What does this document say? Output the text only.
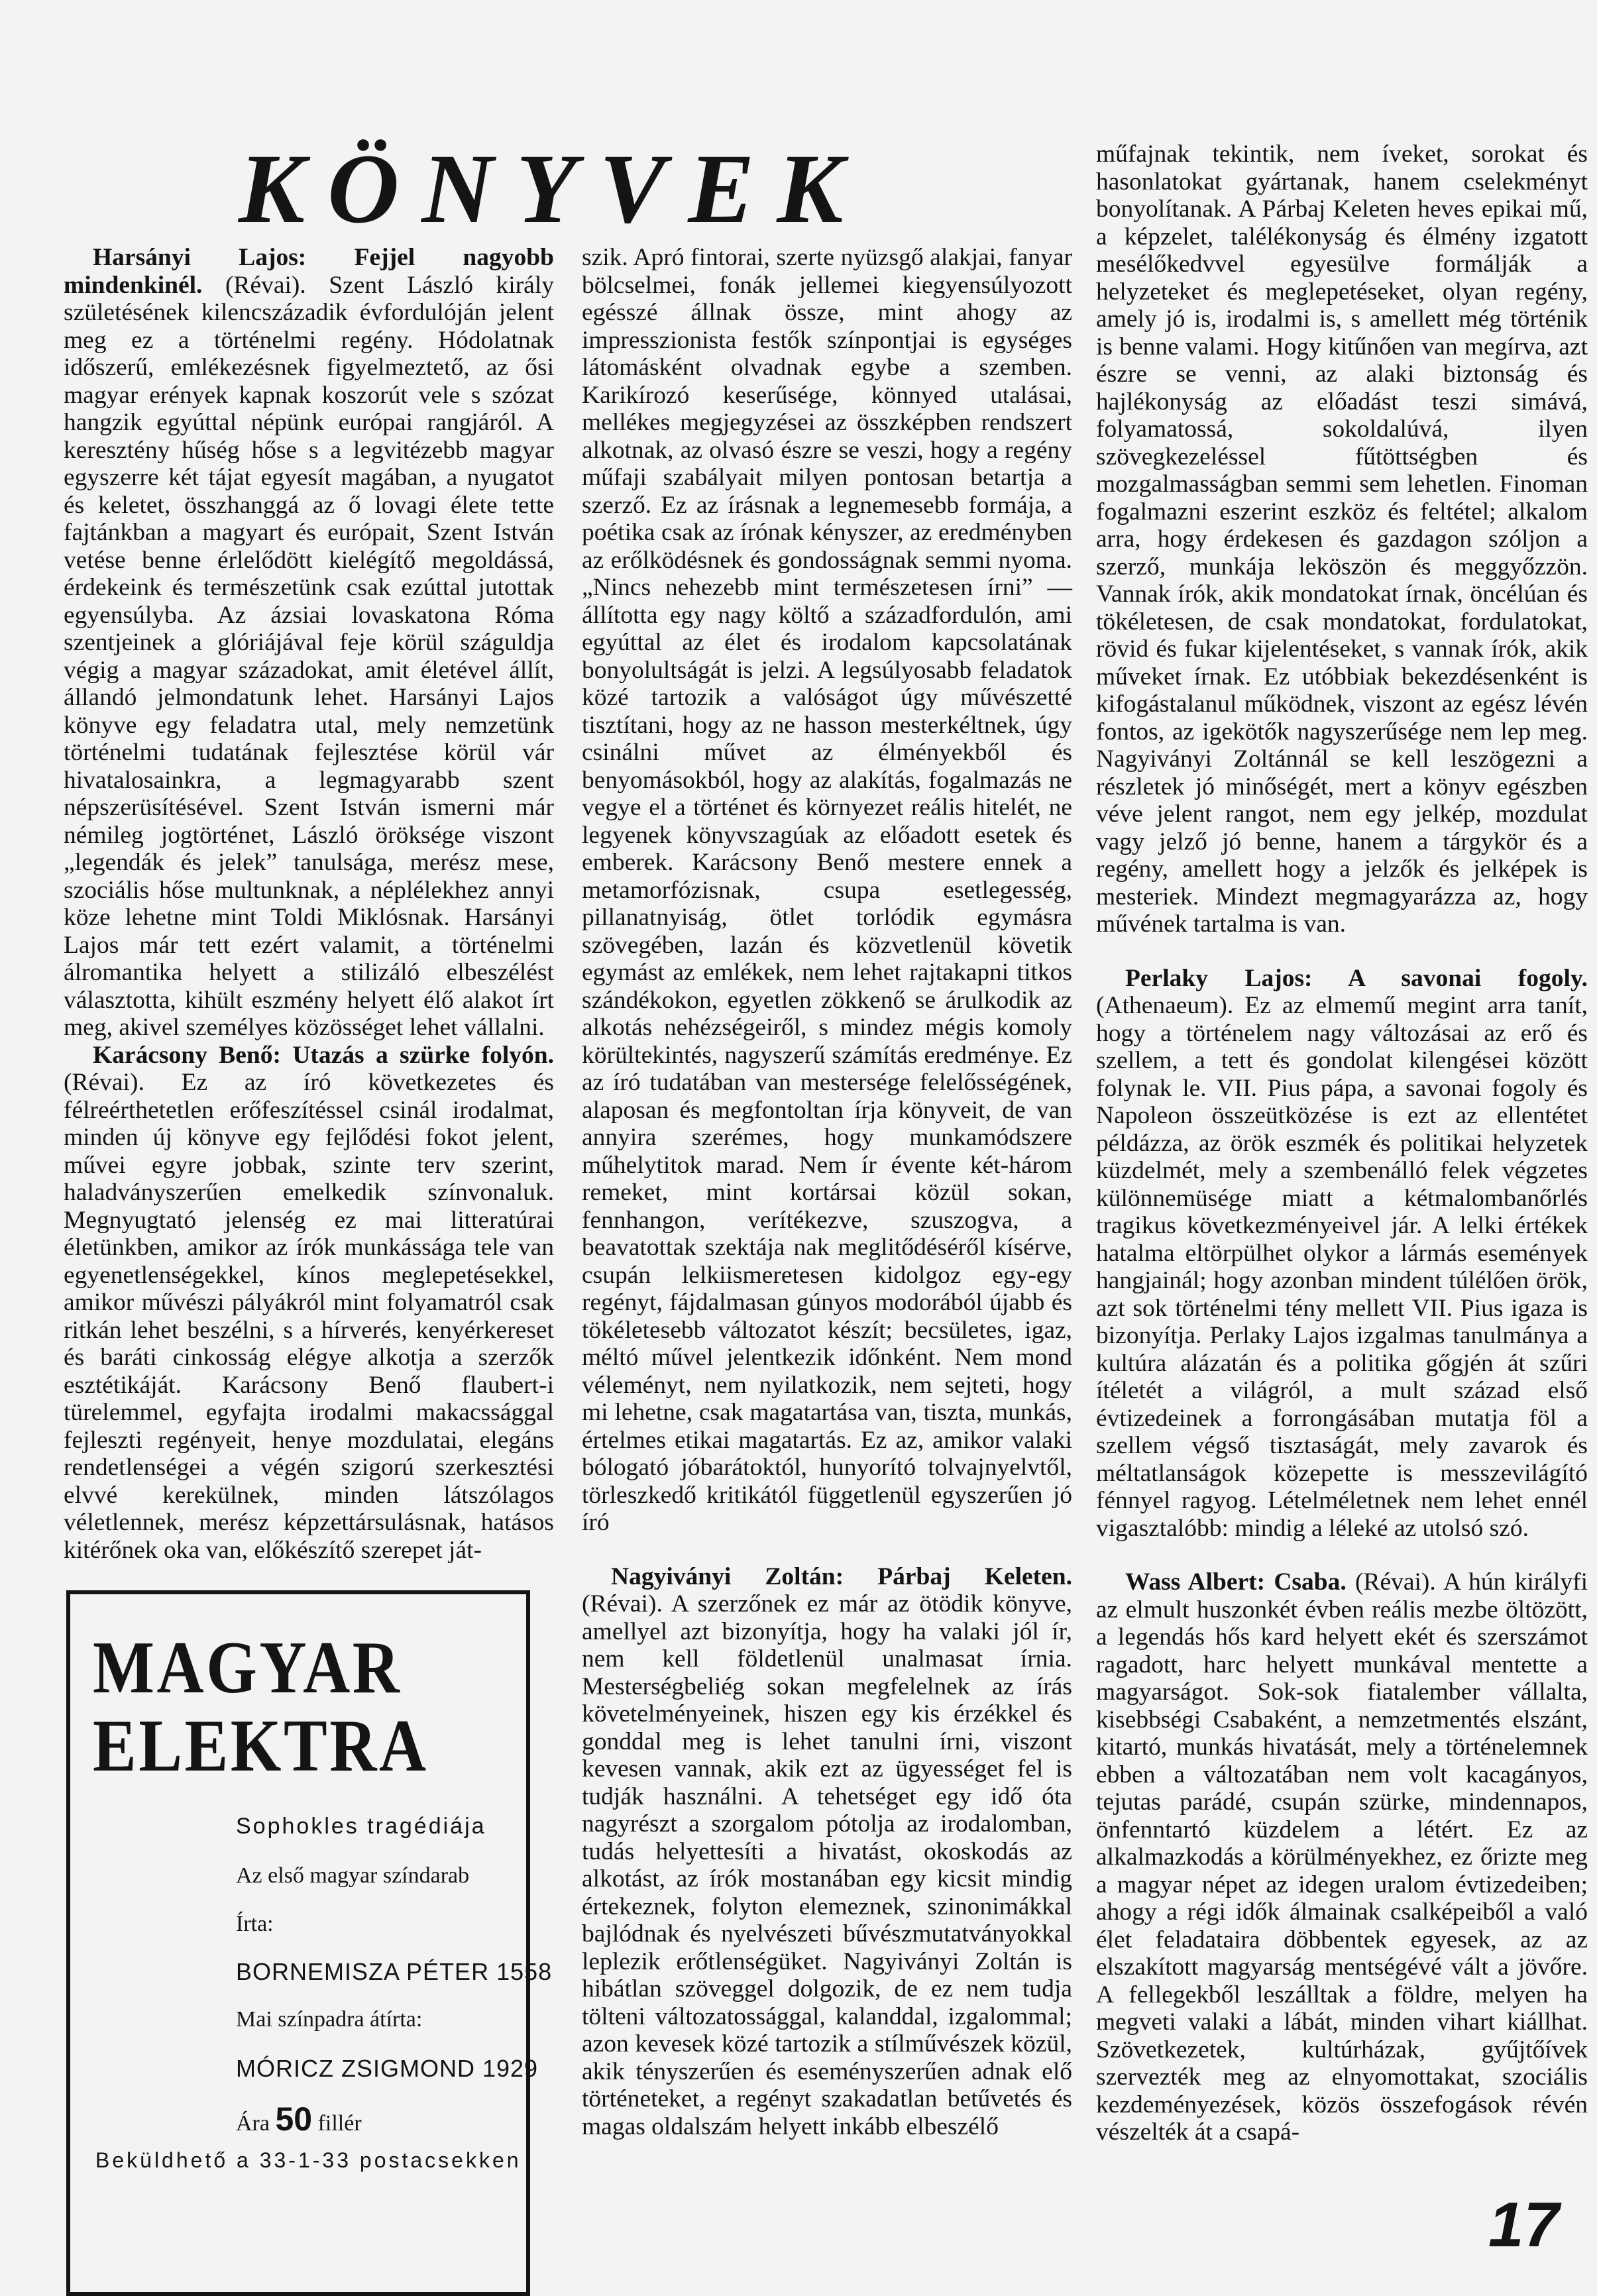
KÖNYVEK

Harsányi Lajos: Fejjel nagyobb mindenkinél. (Révai). Szent László király születésének kilencszázadik évfordulóján jelent meg ez a történelmi regény. Hódolatnak időszerű, emlékezésnek figyelmeztető, az ősi magyar erények kapnak koszorút vele s szózat hangzik egyúttal népünk európai rangjáról. A keresztény hűség hőse s a legvitézebb magyar egyszerre két tájat egyesít magában, a nyugatot és keletet, összhanggá az ő lovagi élete tette fajtánkban a magyart és európait, Szent István vetése benne érlelődött kielégítő megoldássá, érdekeink és természetünk csak ezúttal jutottak egyensúlyba. Az ázsiai lovaskatona Róma szentjeinek a glóriájával feje körül száguldja végig a magyar századokat, amit életével állít, állandó jelmondatunk lehet. Harsányi Lajos könyve egy feladatra utal, mely nemzetünk történelmi tudatának fejlesztése körül vár hivatalosainkra, a legmagyarabb szent népszerüsítésével. Szent István ismerni már némileg jogtörténet, László öröksége viszont „legendák és jelek” tanulsága, merész mese, szociális hőse multunknak, a néplélekhez annyi köze lehetne mint Toldi Miklósnak. Harsányi Lajos már tett ezért valamit, a történelmi álromantika helyett a stilizáló elbeszélést választotta, kihült eszmény helyett élő alakot írt meg, akivel személyes közösséget lehet vállalni.

Karácsony Benő: Utazás a szürke folyón. (Révai). Ez az író következetes és félreérthetetlen erőfeszítéssel csinál irodalmat, minden új könyve egy fejlődési fokot jelent, művei egyre jobbak, szinte terv szerint, haladványszerűen emelkedik színvonaluk. Megnyugtató jelenség ez mai litteratúrai életünkben, amikor az írók munkássága tele van egyenetlenségekkel, kínos meglepetésekkel, amikor művészi pályákról mint folyamatról csak ritkán lehet beszélni, s a hírverés, kenyérkereset és baráti cinkosság elégye alkotja a szerzők esztétikáját. Karácsony Benő flaubert-i türelemmel, egyfajta irodalmi makacssággal fejleszti regényeit, henye mozdulatai, elegáns rendetlenségei a végén szigorú szerkesztési elvvé kerekülnek, minden látszólagos véletlennek, merész képzettársulásnak, hatásos kitérőnek oka van, előkészítő szerepet ját-

szik. Apró fintorai, szerte nyüzsgő alakjai, fanyar bölcselmei, fonák jellemei kiegyensúlyozott egésszé állnak össze, mint ahogy az impresszionista festők színpontjai is egységes látomásként olvadnak egybe a szemben. Karikírozó keserűsége, könnyed utalásai, mellékes megjegyzései az összképben rendszert alkotnak, az olvasó észre se veszi, hogy a regény műfaji szabályait milyen pontosan betartja a szerző. Ez az írásnak a legnemesebb formája, a poétika csak az írónak kényszer, az eredményben az erőlködésnek és gondosságnak semmi nyoma. „Nincs nehezebb mint természetesen írni” — állította egy nagy költő a századfordulón, ami egyúttal az élet és irodalom kapcsolatának bonyolultságát is jelzi. A legsúlyosabb feladatok közé tartozik a valóságot úgy művészetté tisztítani, hogy az ne hasson mesterkéltnek, úgy csinálni művet az élményekből és benyomásokból, hogy az alakítás, fogalmazás ne vegye el a történet és környezet reális hitelét, ne legyenek könyvszagúak az előadott esetek és emberek. Karácsony Benő mestere ennek a metamorfózisnak, csupa esetlegesség, pillanatnyiság, ötlet torlódik egymásra szövegében, lazán és közvetlenül követik egymást az emlékek, nem lehet rajtakapni titkos szándékokon, egyetlen zökkenő se árulkodik az alkotás nehézségeiről, s mindez mégis komoly körültekintés, nagyszerű számítás eredménye. Ez az író tudatában van mestersége felelősségének, alaposan és megfontoltan írja könyveit, de van annyira szerémes, hogy munkamódszere műhelytitok marad. Nem ír évente két-három remeket, mint kortársai közül sokan, fennhangon, verítékezve, szuszogva, a beavatottak szektája nak meglitődéséről kísérve, csupán lelkiismeretesen kidolgoz egy-egy regényt, fájdalmasan gúnyos modorából újabb és tökéletesebb változatot készít; becsületes, igaz, méltó művel jelentkezik időnként. Nem mond véleményt, nem nyilatkozik, nem sejteti, hogy mi lehetne, csak magatartása van, tiszta, munkás, értelmes etikai magatartás. Ez az, amikor valaki bólogató jóbarátoktól, hunyorító tolvajnyelvtől, törleszkedő kritikától függetlenül egyszerűen jó író

Nagyiványi Zoltán: Párbaj Keleten. (Révai). A szerzőnek ez már az ötödik könyve, amellyel azt bizonyítja, hogy ha valaki jól ír, nem kell földetlenül unalmasat írnia. Mesterségbeliég sokan megfelelnek az írás követelményeinek, hiszen egy kis érzékkel és gonddal meg is lehet tanulni írni, viszont kevesen vannak, akik ezt az ügyességet fel is tudják használni. A tehetséget egy idő óta nagyrészt a szorgalom pótolja az irodalomban, tudás helyettesíti a hivatást, okoskodás az alkotást, az írók mostanában egy kicsit mindig értekeznek, folyton elemeznek, szinonimákkal bajlódnak és nyelvészeti bűvészmutatványokkal leplezik erőtlenségüket. Nagyiványi Zoltán is hibátlan szöveggel dolgozik, de ez nem tudja tölteni változatossággal, kalanddal, izgalommal; azon kevesek közé tartozik a stílművészek közül, akik tényszerűen és eseményszerűen adnak elő történeteket, a regényt szakadatlan betűvetés és magas oldalszám helyett inkább elbeszélő

műfajnak tekintik, nem íveket, sorokat és hasonlatokat gyártanak, hanem cselekményt bonyolítanak. A Párbaj Keleten heves epikai mű, a képzelet, talélékonyság és élmény izgatott mesélőkedvvel egyesülve formálják a helyzeteket és meglepetéseket, olyan regény, amely jó is, irodalmi is, s amellett még történik is benne valami. Hogy kitűnően van megírva, azt észre se venni, az alaki biztonság és hajlékonyság az előadást teszi simává, folyamatossá, sokoldalúvá, ilyen szövegkezeléssel fűtöttségben és mozgalmasságban semmi sem lehetlen. Finoman fogalmazni eszerint eszköz és feltétel; alkalom arra, hogy érdekesen és gazdagon szóljon a szerző, munkája leköszön és meggyőzzön. Vannak írók, akik mondatokat írnak, öncélúan és tökéletesen, de csak mondatokat, fordulatokat, rövid és fukar kijelentéseket, s vannak írók, akik műveket írnak. Ez utóbbiak bekezdésenként is kifogástalanul működnek, viszont az egész lévén fontos, az igekötők nagyszerűsége nem lep meg. Nagyiványi Zoltánnál se kell leszögezni a részletek jó minőségét, mert a könyv egészben véve jelent rangot, nem egy jelkép, mozdulat vagy jelző jó benne, hanem a tárgykör és a regény, amellett hogy a jelzők és jelképek is mesteriek. Mindezt megmagyarázza az, hogy művének tartalma is van.

Perlaky Lajos: A savonai fogoly. (Athenaeum). Ez az elmemű megint arra tanít, hogy a történelem nagy változásai az erő és szellem, a tett és gondolat kilengései között folynak le. VII. Pius pápa, a savonai fogoly és Napoleon összeütközése is ezt az ellentétet példázza, az örök eszmék és politikai helyzetek küzdelmét, mely a szembenálló felek végzetes különnemüsége miatt a kétmalombanőrlés tragikus következményeivel jár. A lelki értékek hatalma eltörpülhet olykor a lármás események hangjainál; hogy azonban mindent túlélően örök, azt sok történelmi tény mellett VII. Pius igaza is bizonyítja. Perlaky Lajos izgalmas tanulmánya a kultúra alázatán és a politika gőgjén át szűri ítéletét a világról, a mult század első évtizedeinek a forrongásában mutatja föl a szellem végső tisztaságát, mely zavarok és méltatlanságok közepette is messzevilágító fénnyel ragyog. Lételméletnek nem lehet ennél vigasztalóbb: mindig a léleké az utolsó szó.

Wass Albert: Csaba. (Révai). A hún királyfi az elmult huszonkét évben reális mezbe öltözött, a legendás hős kard helyett ekét és szerszámot ragadott, harc helyett munkával mentette a magyarságot. Sok-sok fiatalember vállalta, kisebbségi Csabaként, a nemzetmentés elszánt, kitartó, munkás hivatását, mely a történelemnek ebben a változatában nem volt kacagányos, tejutas parádé, csupán szürke, mindennapos, önfenntartó küzdelem a létért. Ez az alkalmazkodás a körülményekhez, ez őrizte meg a magyar népet az idegen uralom évtizedeiben; ahogy a régi idők álmainak csalképeiből a való élet feladataira döbbentek egyesek, az az elszakított magyarság mentségévé vált a jövőre. A fellegekből leszálltak a földre, melyen ha megveti valaki a lábát, minden vihart kiállhat. Szövetkezetek, kultúrházak, gyűjtőívek szervezték meg az elnyomottakat, szociális kezdeményezések, közös összefogások révén vészelték át a csapá-

MAGYAR
ELEKTRA

Sophokles tragédiája

Az első magyar színdarab

Írta:

BORNEMISZA PÉTER 1558

Mai színpadra átírta:

MÓRICZ ZSIGMOND 1929

Ára 50 fillér

Beküldhető a 33-1-33 postacsekken

17
